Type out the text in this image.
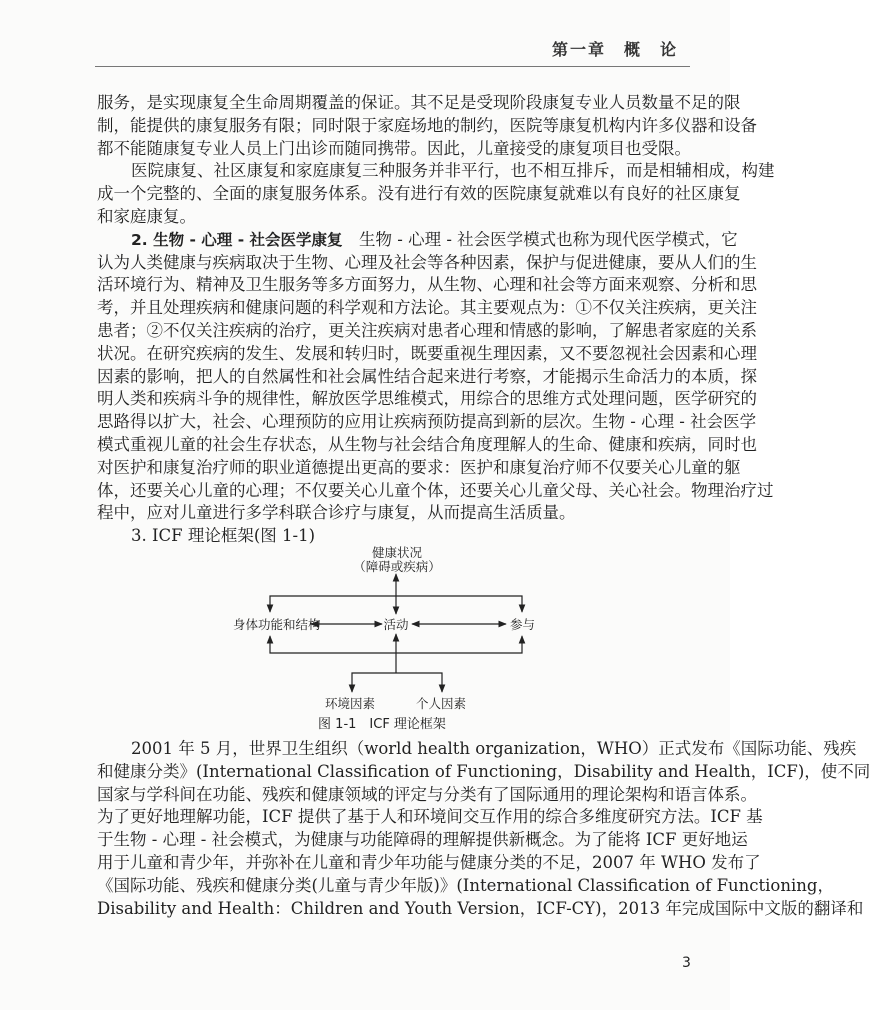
第一章　概　论
服务，是实现康复全生命周期覆盖的保证。其不足是受现阶段康复专业人员数量不足的限
制，能提供的康复服务有限；同时限于家庭场地的制约，医院等康复机构内许多仪器和设备
都不能随康复专业人员上门出诊而随同携带。因此，儿童接受的康复项目也受限。
医院康复、社区康复和家庭康复三种服务并非平行，也不相互排斥，而是相辅相成，构建
成一个完整的、全面的康复服务体系。没有进行有效的医院康复就难以有良好的社区康复
和家庭康复。
2. 生物 - 心理 - 社会医学康复　 生物 - 心理 - 社会医学模式也称为现代医学模式，它
认为人类健康与疾病取决于生物、心理及社会等各种因素，保护与促进健康，要从人们的生
活环境行为、精神及卫生服务等多方面努力，从生物、心理和社会等方面来观察、分析和思
考，并且处理疾病和健康问题的科学观和方法论。其主要观点为：①不仅关注疾病，更关注
患者；②不仅关注疾病的治疗，更关注疾病对患者心理和情感的影响，了解患者家庭的关系
状况。在研究疾病的发生、发展和转归时，既要重视生理因素，又不要忽视社会因素和心理
因素的影响，把人的自然属性和社会属性结合起来进行考察，才能揭示生命活力的本质，探
明人类和疾病斗争的规律性，解放医学思维模式，用综合的思维方式处理问题，医学研究的
思路得以扩大，社会、心理预防的应用让疾病预防提高到新的层次。生物 - 心理 - 社会医学
模式重视儿童的社会生存状态，从生物与社会结合角度理解人的生命、健康和疾病，同时也
对医护和康复治疗师的职业道德提出更高的要求：医护和康复治疗师不仅要关心儿童的躯
体，还要关心儿童的心理；不仅要关心儿童个体，还要关心儿童父母、关心社会。物理治疗过
程中，应对儿童进行多学科联合诊疗与康复，从而提高生活质量。
3. ICF 理论框架(图 1-1)
健康状况
（障碍或疾病）
身体功能和结构	活动	参与
环境因素	个人因素
图 1-1　ICF 理论框架
2001 年 5 月，世界卫生组织（world health organization，WHO）正式发布《国际功能、残疾
和健康分类》(International Classification of Functioning，Disability and Health，ICF)，使不同
国家与学科间在功能、残疾和健康领域的评定与分类有了国际通用的理论架构和语言体系。
为了更好地理解功能，ICF 提供了基于人和环境间交互作用的综合多维度研究方法。ICF 基
于生物 - 心理 - 社会模式，为健康与功能障碍的理解提供新概念。为了能将 ICF 更好地运
用于儿童和青少年，并弥补在儿童和青少年功能与健康分类的不足，2007 年 WHO 发布了
《国际功能、残疾和健康分类(儿童与青少年版)》(International Classification of Functioning，
Disability and Health：Children and Youth Version，ICF-CY)，2013 年完成国际中文版的翻译和
3
